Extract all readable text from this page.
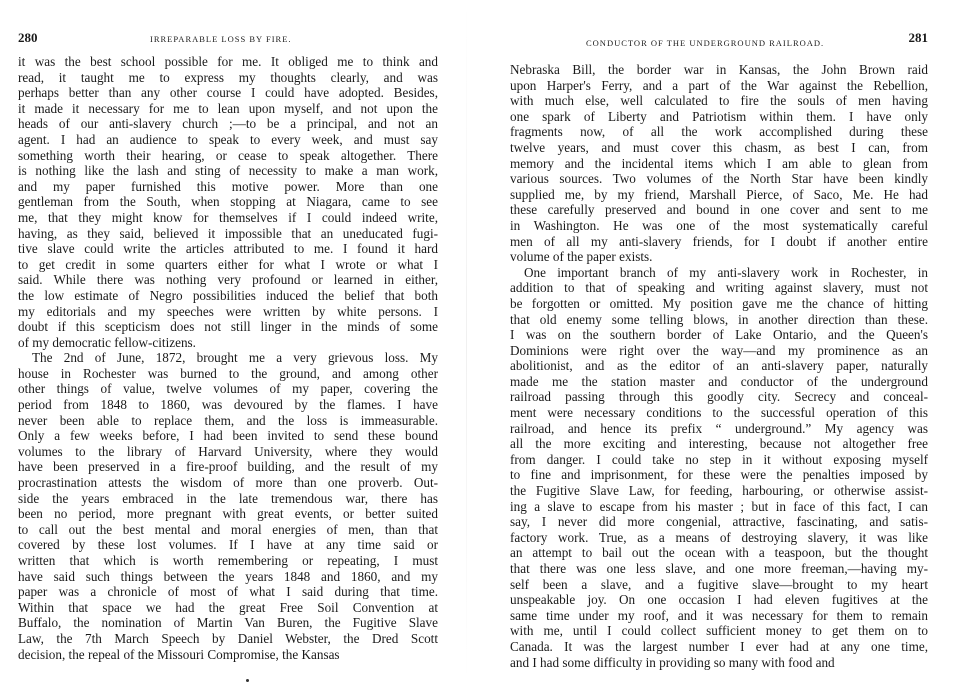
280	IRREPARABLE LOSS BY FIRE.
it was the best school possible for me. It obliged me to think and
read, it taught me to express my thoughts clearly, and was
perhaps better than any other course I could have adopted. Besides,
it made it necessary for me to lean upon myself, and not upon the
heads of our anti-slavery church ;—to be a principal, and not an
agent. I had an audience to speak to every week, and must say
something worth their hearing, or cease to speak altogether. There
is nothing like the lash and sting of necessity to make a man work,
and my paper furnished this motive power. More than one
gentleman from the South, when stopping at Niagara, came to see
me, that they might know for themselves if I could indeed write,
having, as they said, believed it impossible that an uneducated fugi-
tive slave could write the articles attributed to me. I found it hard
to get credit in some quarters either for what I wrote or what I
said. While there was nothing very profound or learned in either,
the low estimate of Negro possibilities induced the belief that both
my editorials and my speeches were written by white persons. I
doubt if this scepticism does not still linger in the minds of some
of my democratic fellow-citizens.
The 2nd of June, 1872, brought me a very grievous loss. My
house in Rochester was burned to the ground, and among other
other things of value, twelve volumes of my paper, covering the
period from 1848 to 1860, was devoured by the flames. I have
never been able to replace them, and the loss is immeasurable.
Only a few weeks before, I had been invited to send these bound
volumes to the library of Harvard University, where they would
have been preserved in a fire-proof building, and the result of my
procrastination attests the wisdom of more than one proverb. Out-
side the years embraced in the late tremendous war, there has
been no period, more pregnant with great events, or better suited
to call out the best mental and moral energies of men, than that
covered by these lost volumes. If I have at any time said or
written that which is worth remembering or repeating, I must
have said such things between the years 1848 and 1860, and my
paper was a chronicle of most of what I said during that time.
Within that space we had the great Free Soil Convention at
Buffalo, the nomination of Martin Van Buren, the Fugitive Slave
Law, the 7th March Speech by Daniel Webster, the Dred Scott
decision, the repeal of the Missouri Compromise, the Kansas
CONDUCTOR OF THE UNDERGROUND RAILROAD.	281
Nebraska Bill, the border war in Kansas, the John Brown raid
upon Harper's Ferry, and a part of the War against the Rebellion,
with much else, well calculated to fire the souls of men having
one spark of Liberty and Patriotism within them. I have only
fragments now, of all the work accomplished during these
twelve years, and must cover this chasm, as best I can, from
memory and the incidental items which I am able to glean from
various sources. Two volumes of the North Star have been kindly
supplied me, by my friend, Marshall Pierce, of Saco, Me. He had
these carefully preserved and bound in one cover and sent to me
in Washington. He was one of the most systematically careful
men of all my anti-slavery friends, for I doubt if another entire
volume of the paper exists.
One important branch of my anti-slavery work in Rochester, in
addition to that of speaking and writing against slavery, must not
be forgotten or omitted. My position gave me the chance of hitting
that old enemy some telling blows, in another direction than these.
I was on the southern border of Lake Ontario, and the Queen's
Dominions were right over the way—and my prominence as an
abolitionist, and as the editor of an anti-slavery paper, naturally
made me the station master and conductor of the underground
railroad passing through this goodly city. Secrecy and conceal-
ment were necessary conditions to the successful operation of this
railroad, and hence its prefix “ underground.” My agency was
all the more exciting and interesting, because not altogether free
from danger. I could take no step in it without exposing myself
to fine and imprisonment, for these were the penalties imposed by
the Fugitive Slave Law, for feeding, harbouring, or otherwise assist-
ing a slave to escape from his master ; but in face of this fact, I can
say, I never did more congenial, attractive, fascinating, and satis-
factory work. True, as a means of destroying slavery, it was like
an attempt to bail out the ocean with a teaspoon, but the thought
that there was one less slave, and one more freeman,—having my-
self been a slave, and a fugitive slave—brought to my heart
unspeakable joy. On one occasion I had eleven fugitives at the
same time under my roof, and it was necessary for them to remain
with me, until I could collect sufficient money to get them on to
Canada. It was the largest number I ever had at any one time,
and I had some difficulty in providing so many with food and
